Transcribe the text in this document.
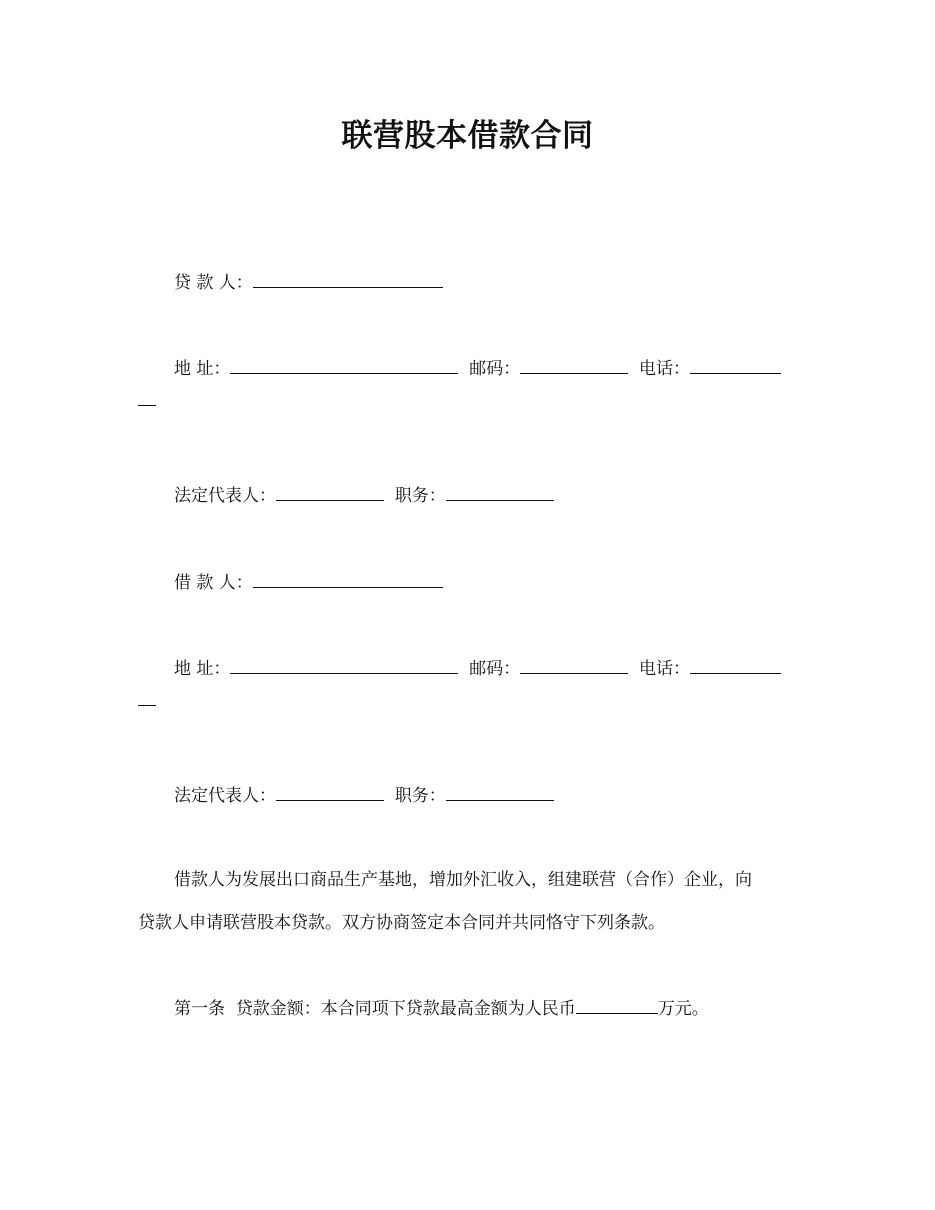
联营股本借款合同
贷 款 人：
地 址：	邮码：	电话：
法定代表人：	职务：
借 款 人：
地 址：	邮码：	电话：
法定代表人：	职务：
借款人为发展出口商品生产基地，增加外汇收入，组建联营（合作）企业，向
贷款人申请联营股本贷款。双方协商签定本合同并共同恪守下列条款。
第一条 贷款金额：本合同项下贷款最高金额为人民币	万元。
